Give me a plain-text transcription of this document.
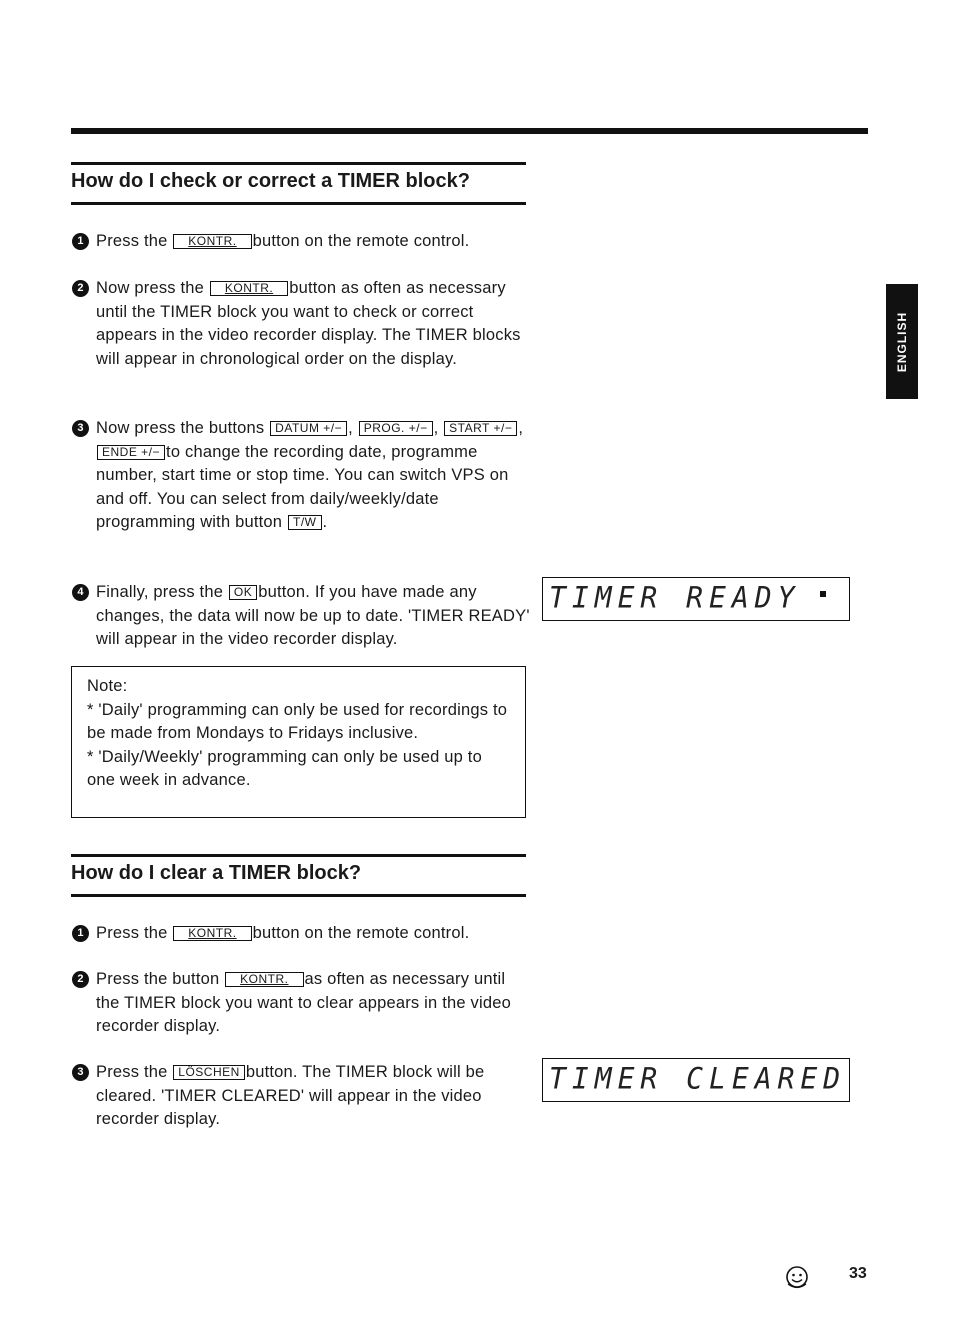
ENGLISH
How do I check or correct a TIMER block?
1 Press the KONTR. button on the remote control.
2 Now press the KONTR. button as often as necessary until the TIMER block you want to check or correct appears in the video recorder display. The TIMER blocks will appear in chronological order on the display.
3 Now press the buttons DATUM +/− , PROG. +/− , START +/− , ENDE +/− to change the recording date, programme number, start time or stop time. You can switch VPS on and off. You can select from daily/weekly/date programming with button T/W .
4 Finally, press the OK button. If you have made any changes, the data will now be up to date. 'TIMER READY' will appear in the video recorder display.
TIMER READY
Note:
* 'Daily' programming can only be used for recordings to be made from Mondays to Fridays inclusive.
* 'Daily/Weekly' programming can only be used up to one week in advance.
How do I clear a TIMER block?
1 Press the KONTR. button on the remote control.
2 Press the button KONTR. as often as necessary until the TIMER block you want to clear appears in the video recorder display.
3 Press the LÖSCHEN button. The TIMER block will be cleared. 'TIMER CLEARED' will appear in the video recorder display.
TIMER CLEARED
33
